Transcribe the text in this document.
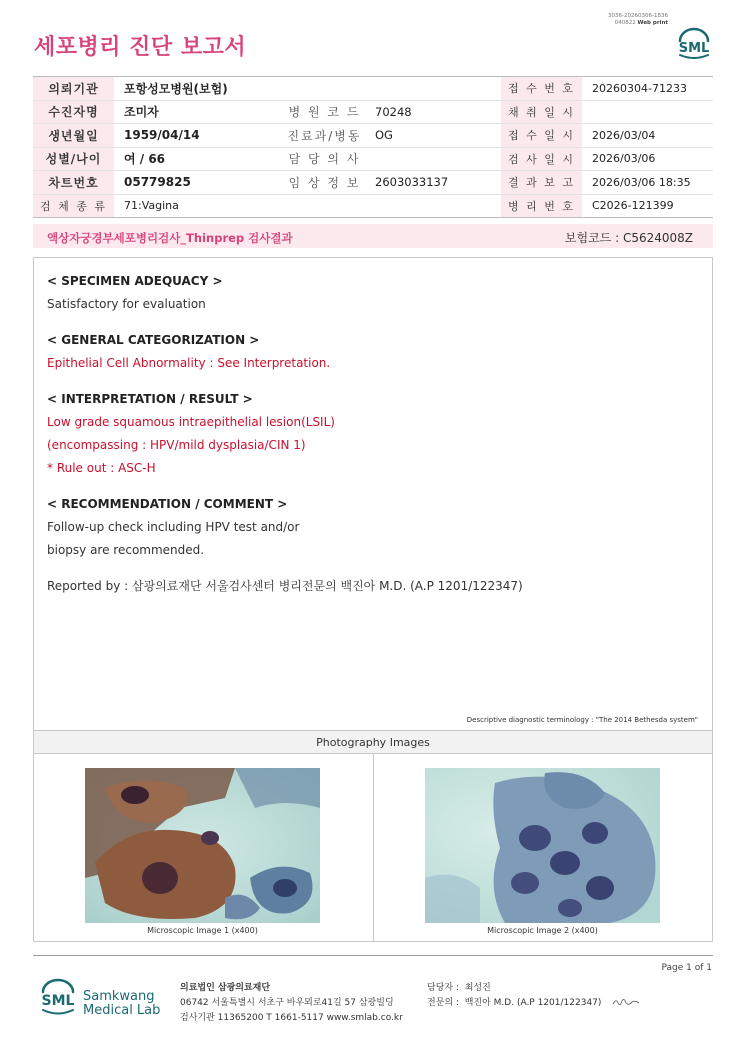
세포병리 진단 보고서
3036-20260306-1836
040822 Web print
SML
의뢰기관	포항성모병원(보험)			접 수 번 호	20260304-71233
수진자명	조미자	병 원 코 드	70248	채 취 일 시	
생년월일	1959/04/14	진료과/병동	OG	접 수 일 시	2026/03/04
성별/나이	여 / 66	담 당 의 사		검 사 일 시	2026/03/06
차트번호	05779825	임 상 정 보	2603033137	결 과 보 고	2026/03/06 18:35
검 체 종 류	71:Vagina			병 리 번 호	C2026-121399
액상자궁경부세포병리검사_Thinprep 검사결과	보험코드 : C5624008Z
< SPECIMEN ADEQUACY >
Satisfactory for evaluation
< GENERAL CATEGORIZATION >
Epithelial Cell Abnormality : See Interpretation.
< INTERPRETATION / RESULT >
Low grade squamous intraepithelial lesion(LSIL)
(encompassing : HPV/mild dysplasia/CIN 1)
* Rule out : ASC-H
< RECOMMENDATION / COMMENT >
Follow-up check including HPV test and/or
biopsy are recommended.
Reported by : 삼광의료재단 서울검사센터 병리전문의 백진아 M.D. (A.P 1201/122347)
Descriptive diagnostic terminology : "The 2014 Bethesda system"
Photography Images
Microscopic Image 1 (x400)	Microscopic Image 2 (x400)
Page 1 of 1
SML Samkwang
Medical Lab
의료법인 삼광의료재단
06742 서울특별시 서초구 바우뫼로41길 57 삼광빌딩
검사기관 11365200 T 1661-5117 www.smlab.co.kr
담당자 : 최성진
전문의 : 백진아 M.D. (A.P 1201/122347)
